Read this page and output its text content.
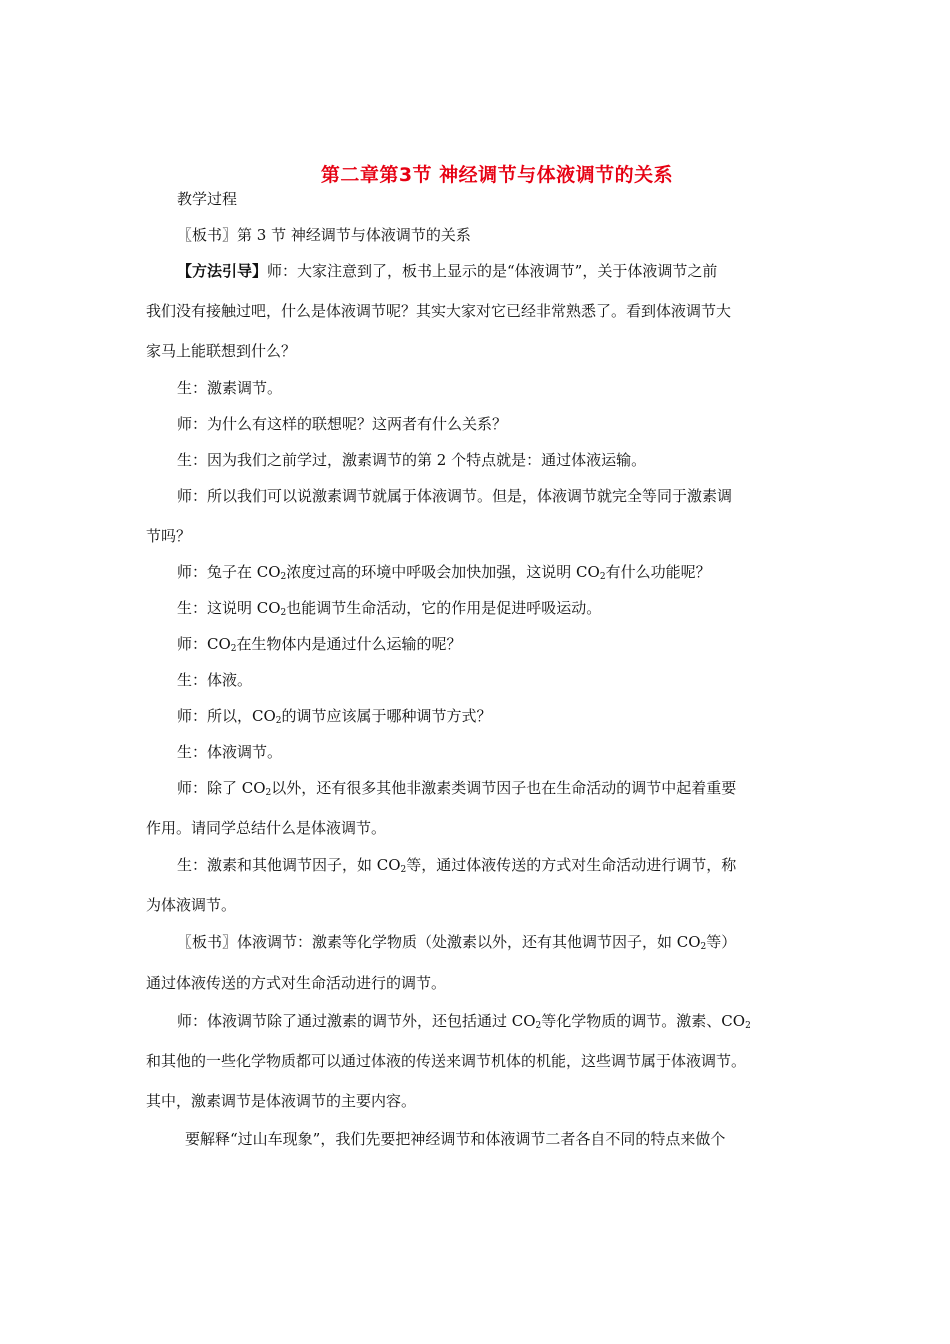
第二章第3节 神经调节与体液调节的关系
教学过程
〖板书〗第 3 节 神经调节与体液调节的关系
【方法引导】师：大家注意到了，板书上显示的是“体液调节”，关于体液调节之前
我们没有接触过吧，什么是体液调节呢？其实大家对它已经非常熟悉了。看到体液调节大
家马上能联想到什么？
生：激素调节。
师：为什么有这样的联想呢？这两者有什么关系？
生：因为我们之前学过，激素调节的第 2 个特点就是：通过体液运输。
师：所以我们可以说激素调节就属于体液调节。但是，体液调节就完全等同于激素调
节吗？
师：兔子在 $CO_2$浓度过高的环境中呼吸会加快加强，这说明 $CO_2$有什么功能呢？
生：这说明 $CO_2$也能调节生命活动，它的作用是促进呼吸运动。
师：$CO_2$在生物体内是通过什么运输的呢？
生：体液。
师：所以，$CO_2$的调节应该属于哪种调节方式？
生：体液调节。
师：除了 $CO_2$以外，还有很多其他非激素类调节因子也在生命活动的调节中起着重要
作用。请同学总结什么是体液调节。
生：激素和其他调节因子，如 $CO_2$等，通过体液传送的方式对生命活动进行调节，称
为体液调节。
〖板书〗体液调节：激素等化学物质（处激素以外，还有其他调节因子，如 $CO_2$等）
通过体液传送的方式对生命活动进行的调节。
师：体液调节除了通过激素的调节外，还包括通过 $CO_2$等化学物质的调节。激素、$CO_2$
和其他的一些化学物质都可以通过体液的传送来调节机体的机能，这些调节属于体液调节。
其中，激素调节是体液调节的主要内容。
要解释“过山车现象”，我们先要把神经调节和体液调节二者各自不同的特点来做个
